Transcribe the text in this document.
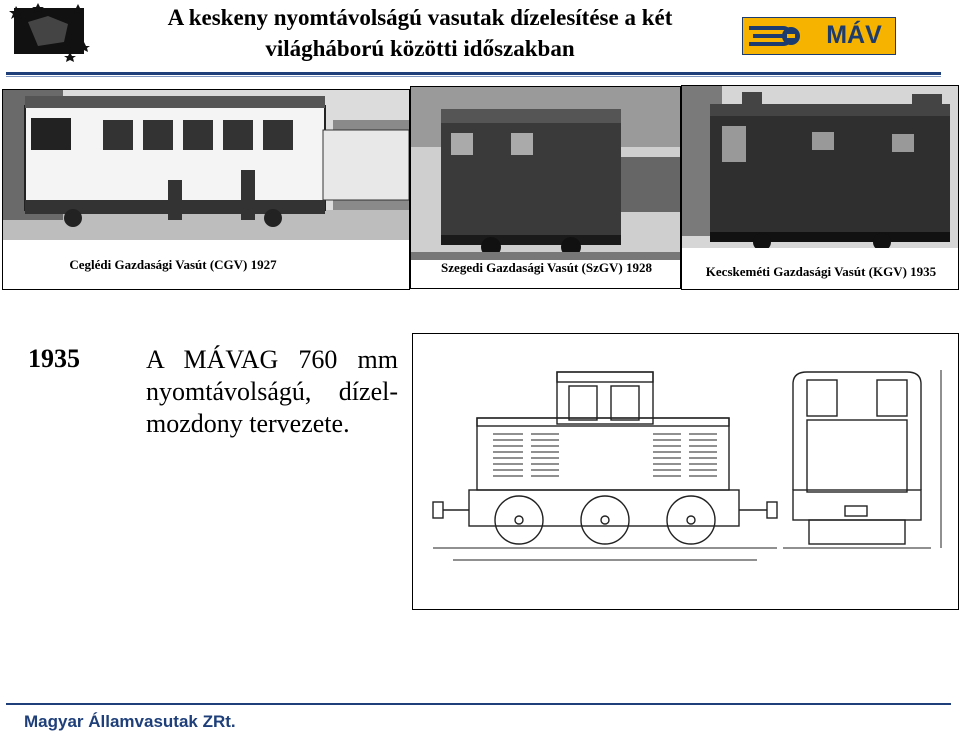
A keskeny nyomtávolságú vasutak dízelesítése a két
világháború közötti időszakban	MÁV
Ceglédi Gazdasági Vasút (CGV) 1927	Szegedi Gazdasági Vasút (SzGV) 1928	Kecskeméti Gazdasági Vasút (KGV) 1935
1935	A MÁVAG 760 mm nyomtávolságú, dízel-mozdony tervezete.
Magyar Államvasutak ZRt.
